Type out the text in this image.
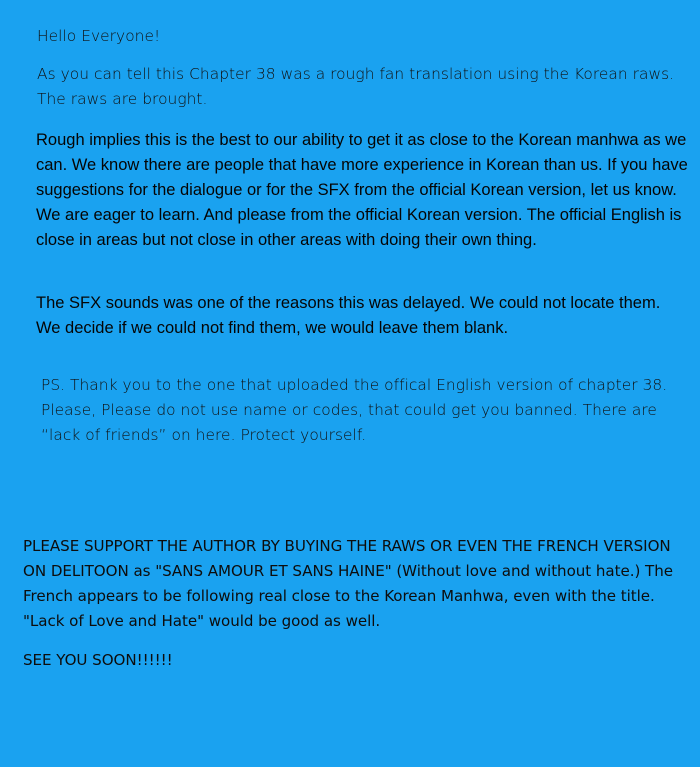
Hello Everyone!

As you can tell this Chapter 38 was a rough fan translation using the Korean raws. The raws are brought.

Rough implies this is the best to our ability to get it as close to the Korean manhwa as we can. We know there are people that have more experience in Korean than us. If you have suggestions for the dialogue or for the SFX from the official Korean version, let us know. We are eager to learn. And please from the official Korean version. The official English is close in areas but not close in other areas with doing their own thing.

The SFX sounds was one of the reasons this was delayed. We could not locate them. We decide if we could not find them, we would leave them blank.

PS. Thank you to the one that uploaded the offical English version of chapter 38. Please, Please do not use name or codes, that could get you banned. There are “lack of friends” on here. Protect yourself.

PLEASE SUPPORT THE AUTHOR BY BUYING THE RAWS OR EVEN THE FRENCH VERSION ON DELITOON as "SANS AMOUR ET SANS HAINE" (Without love and without hate.) The French appears to be following real close to the Korean Manhwa, even with the title. "Lack of Love and Hate" would be good as well.

SEE YOU SOON!!!!!!
